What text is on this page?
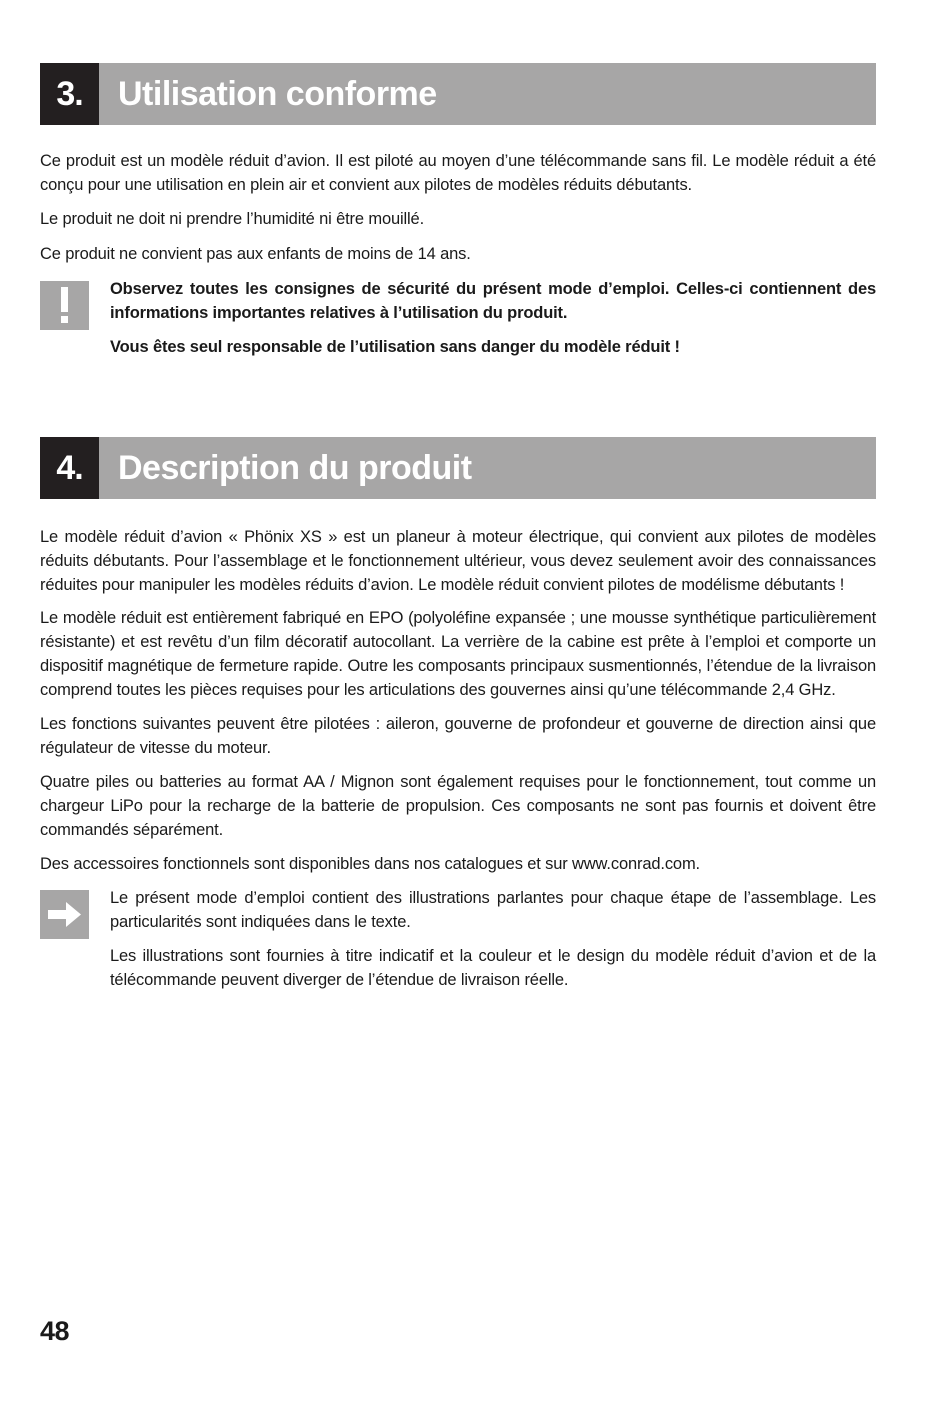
3.	Utilisation conforme

Ce produit est un modèle réduit d’avion. Il est piloté au moyen d’une télécommande sans fil. Le modèle réduit a été conçu pour une utilisation en plein air et convient aux pilotes de modèles réduits débutants.

Le produit ne doit ni prendre l’humidité ni être mouillé.

Ce produit ne convient pas aux enfants de moins de 14 ans.

Observez toutes les consignes de sécurité du présent mode d’emploi. Celles-ci contiennent des informations importantes relatives à l’utilisation du produit.

Vous êtes seul responsable de l’utilisation sans danger du modèle réduit !

4.	Description du produit

Le modèle réduit d’avion « Phönix XS » est un planeur à moteur électrique, qui convient aux pilotes de modèles réduits débutants. Pour l’assemblage et le fonctionnement ultérieur, vous devez seulement avoir des connaissances réduites pour manipuler les modèles réduits d’avion. Le modèle réduit convient pilotes de modélisme débutants !

Le modèle réduit est entièrement fabriqué en EPO (polyoléfine expansée ; une mousse synthétique particulièrement résistante) et est revêtu d’un film décoratif autocollant. La verrière de la cabine est prête à l’emploi et comporte un dispositif magnétique de fermeture rapide. Outre les composants principaux susmentionnés, l’étendue de la livraison comprend toutes les pièces requises pour les articulations des gouvernes ainsi qu’une télécommande 2,4 GHz.

Les fonctions suivantes peuvent être pilotées : aileron, gouverne de profondeur et gouverne de direction ainsi que régulateur de vitesse du moteur.

Quatre piles ou batteries au format AA / Mignon sont également requises pour le fonctionnement, tout comme un chargeur LiPo pour la recharge de la batterie de propulsion. Ces composants ne sont pas fournis et doivent être commandés séparément.

Des accessoires fonctionnels sont disponibles dans nos catalogues et sur www.conrad.com.

Le présent mode d’emploi contient des illustrations parlantes pour chaque étape de l’assemblage. Les particularités sont indiquées dans le texte.

Les illustrations sont fournies à titre indicatif et la couleur et le design du modèle réduit d’avion et de la télécommande peuvent diverger de l’étendue de livraison réelle.

48
